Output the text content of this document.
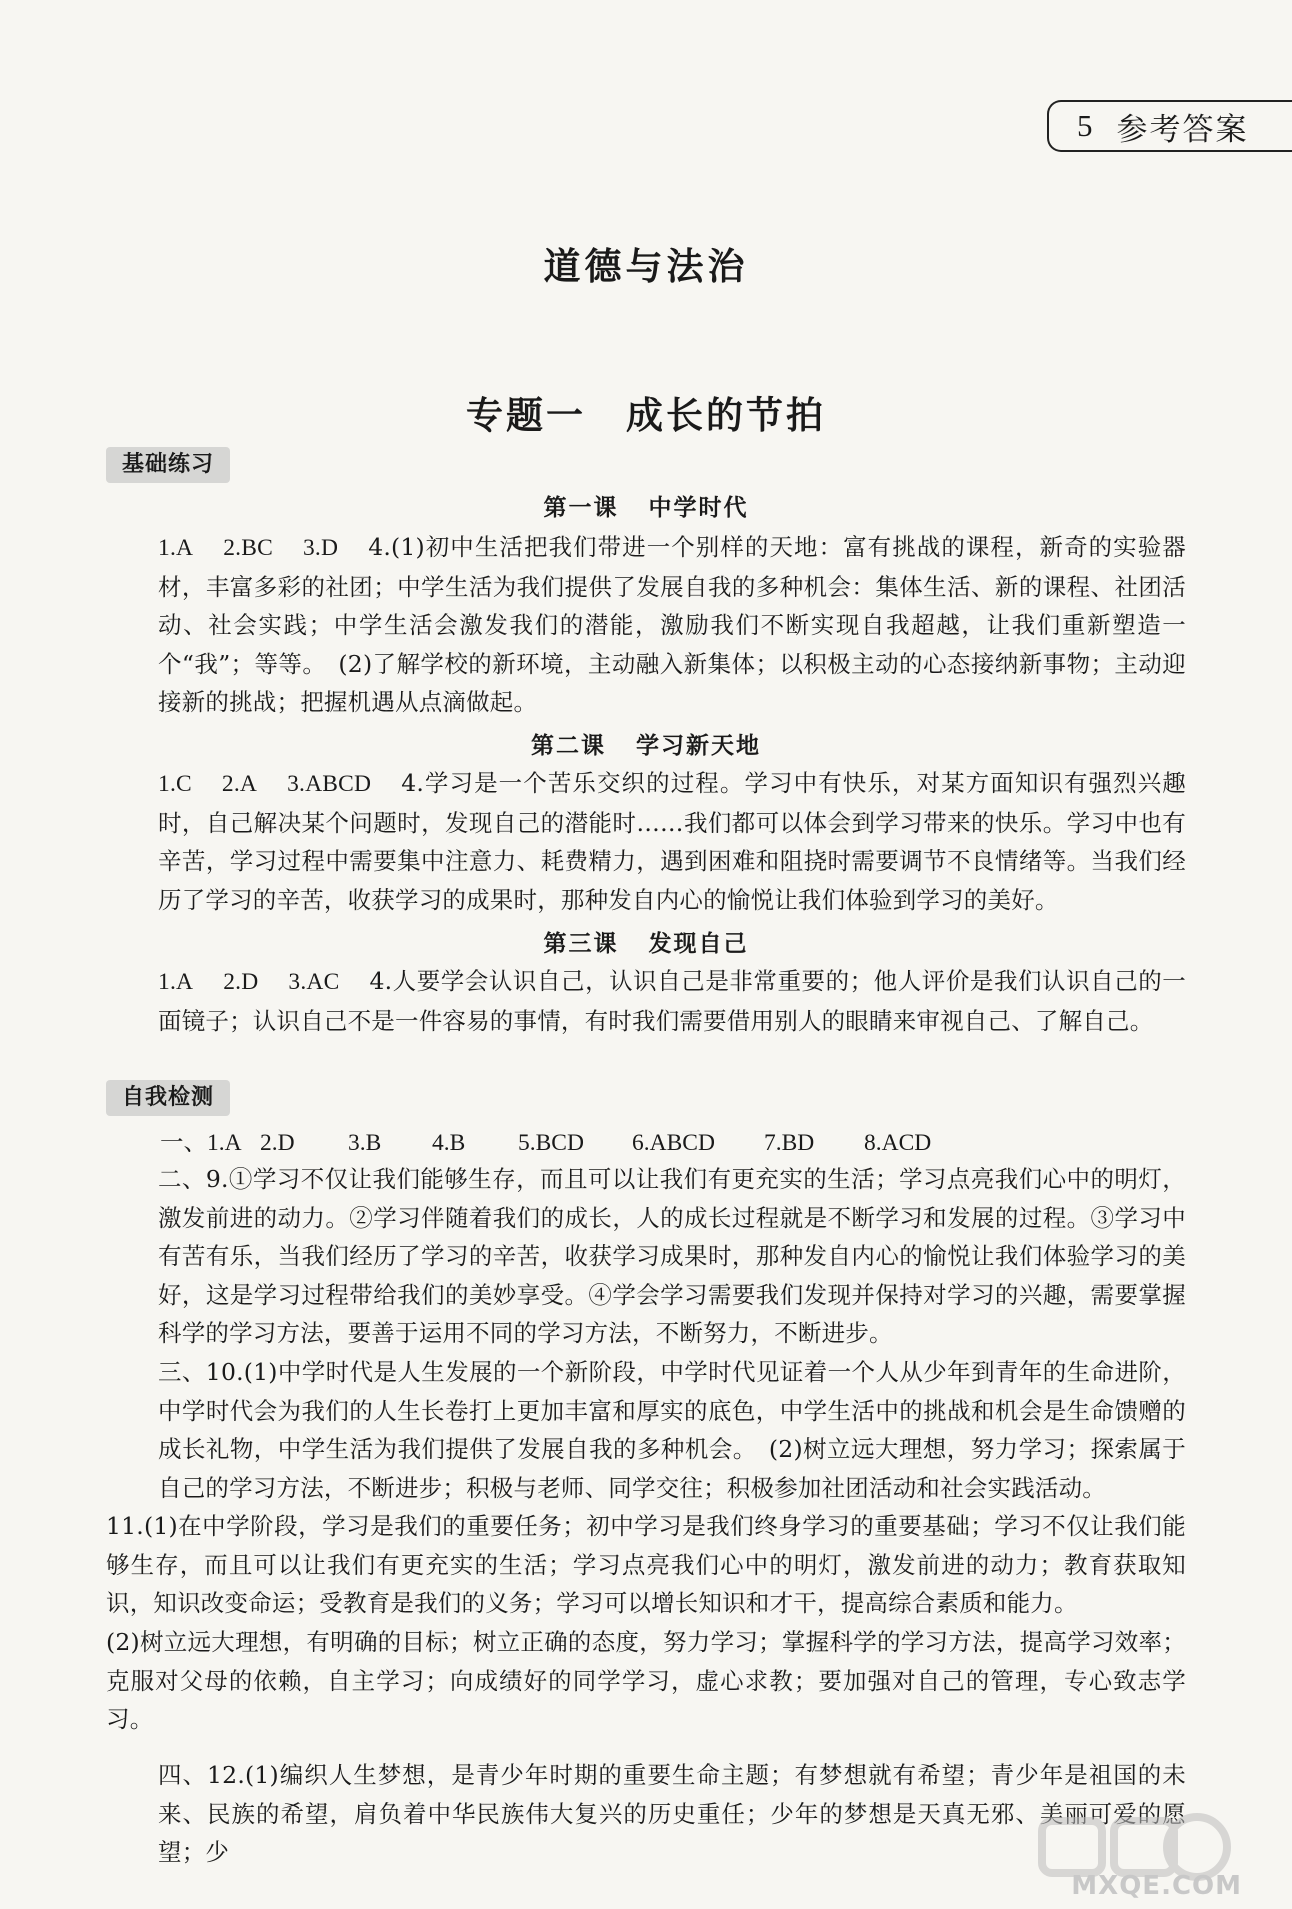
5 参考答案
道德与法治
专题一 成长的节拍
基础练习
第一课 中学时代
1.A 2.BC 3.D 4.(1)初中生活把我们带进一个别样的天地：富有挑战的课程，新奇的实验器材，丰富多彩的社团；中学生活为我们提供了发展自我的多种机会：集体生活、新的课程、社团活动、社会实践；中学生活会激发我们的潜能，激励我们不断实现自我超越，让我们重新塑造一个“我”；等等。　(2)了解学校的新环境，主动融入新集体；以积极主动的心态接纳新事物；主动迎接新的挑战；把握机遇从点滴做起。
第二课 学习新天地
1.C 2.A 3.ABCD 4.学习是一个苦乐交织的过程。学习中有快乐，对某方面知识有强烈兴趣时，自己解决某个问题时，发现自己的潜能时……我们都可以体会到学习带来的快乐。学习中也有辛苦，学习过程中需要集中注意力、耗费精力，遇到困难和阻挠时需要调节不良情绪等。当我们经历了学习的辛苦，收获学习的成果时，那种发自内心的愉悦让我们体验到学习的美好。
第三课 发现自己
1.A 2.D 3.AC 4.人要学会认识自己，认识自己是非常重要的；他人评价是我们认识自己的一面镜子；认识自己不是一件容易的事情，有时我们需要借用别人的眼睛来审视自己、了解自己。
自我检测
一、1.A 2.D	3.B	4.B	5.BCD	6.ABCD	7.BD	8.ACD
二、9.①学习不仅让我们能够生存，而且可以让我们有更充实的生活；学习点亮我们心中的明灯，激发前进的动力。②学习伴随着我们的成长，人的成长过程就是不断学习和发展的过程。③学习中有苦有乐，当我们经历了学习的辛苦，收获学习成果时，那种发自内心的愉悦让我们体验学习的美好，这是学习过程带给我们的美妙享受。④学会学习需要我们发现并保持对学习的兴趣，需要掌握科学的学习方法，要善于运用不同的学习方法，不断努力，不断进步。
三、10.(1)中学时代是人生发展的一个新阶段，中学时代见证着一个人从少年到青年的生命进阶，中学时代会为我们的人生长卷打上更加丰富和厚实的底色，中学生活中的挑战和机会是生命馈赠的成长礼物，中学生活为我们提供了发展自我的多种机会。　(2)树立远大理想，努力学习；探索属于自己的学习方法，不断进步；积极与老师、同学交往；积极参加社团活动和社会实践活动。
11.(1)在中学阶段，学习是我们的重要任务；初中学习是我们终身学习的重要基础；学习不仅让我们能够生存，而且可以让我们有更充实的生活；学习点亮我们心中的明灯，激发前进的动力；教育获取知识，知识改变命运；受教育是我们的义务；学习可以增长知识和才干，提高综合素质和能力。
(2)树立远大理想，有明确的目标；树立正确的态度，努力学习；掌握科学的学习方法，提高学习效率；克服对父母的依赖，自主学习；向成绩好的同学学习，虚心求教；要加强对自己的管理，专心致志学习。
四、12.(1)编织人生梦想，是青少年时期的重要生命主题；有梦想就有希望；青少年是祖国的未来、民族的希望，肩负着中华民族伟大复兴的历史重任；少年的梦想是天真无邪、美丽可爱的愿望；少
MXQE.COM
